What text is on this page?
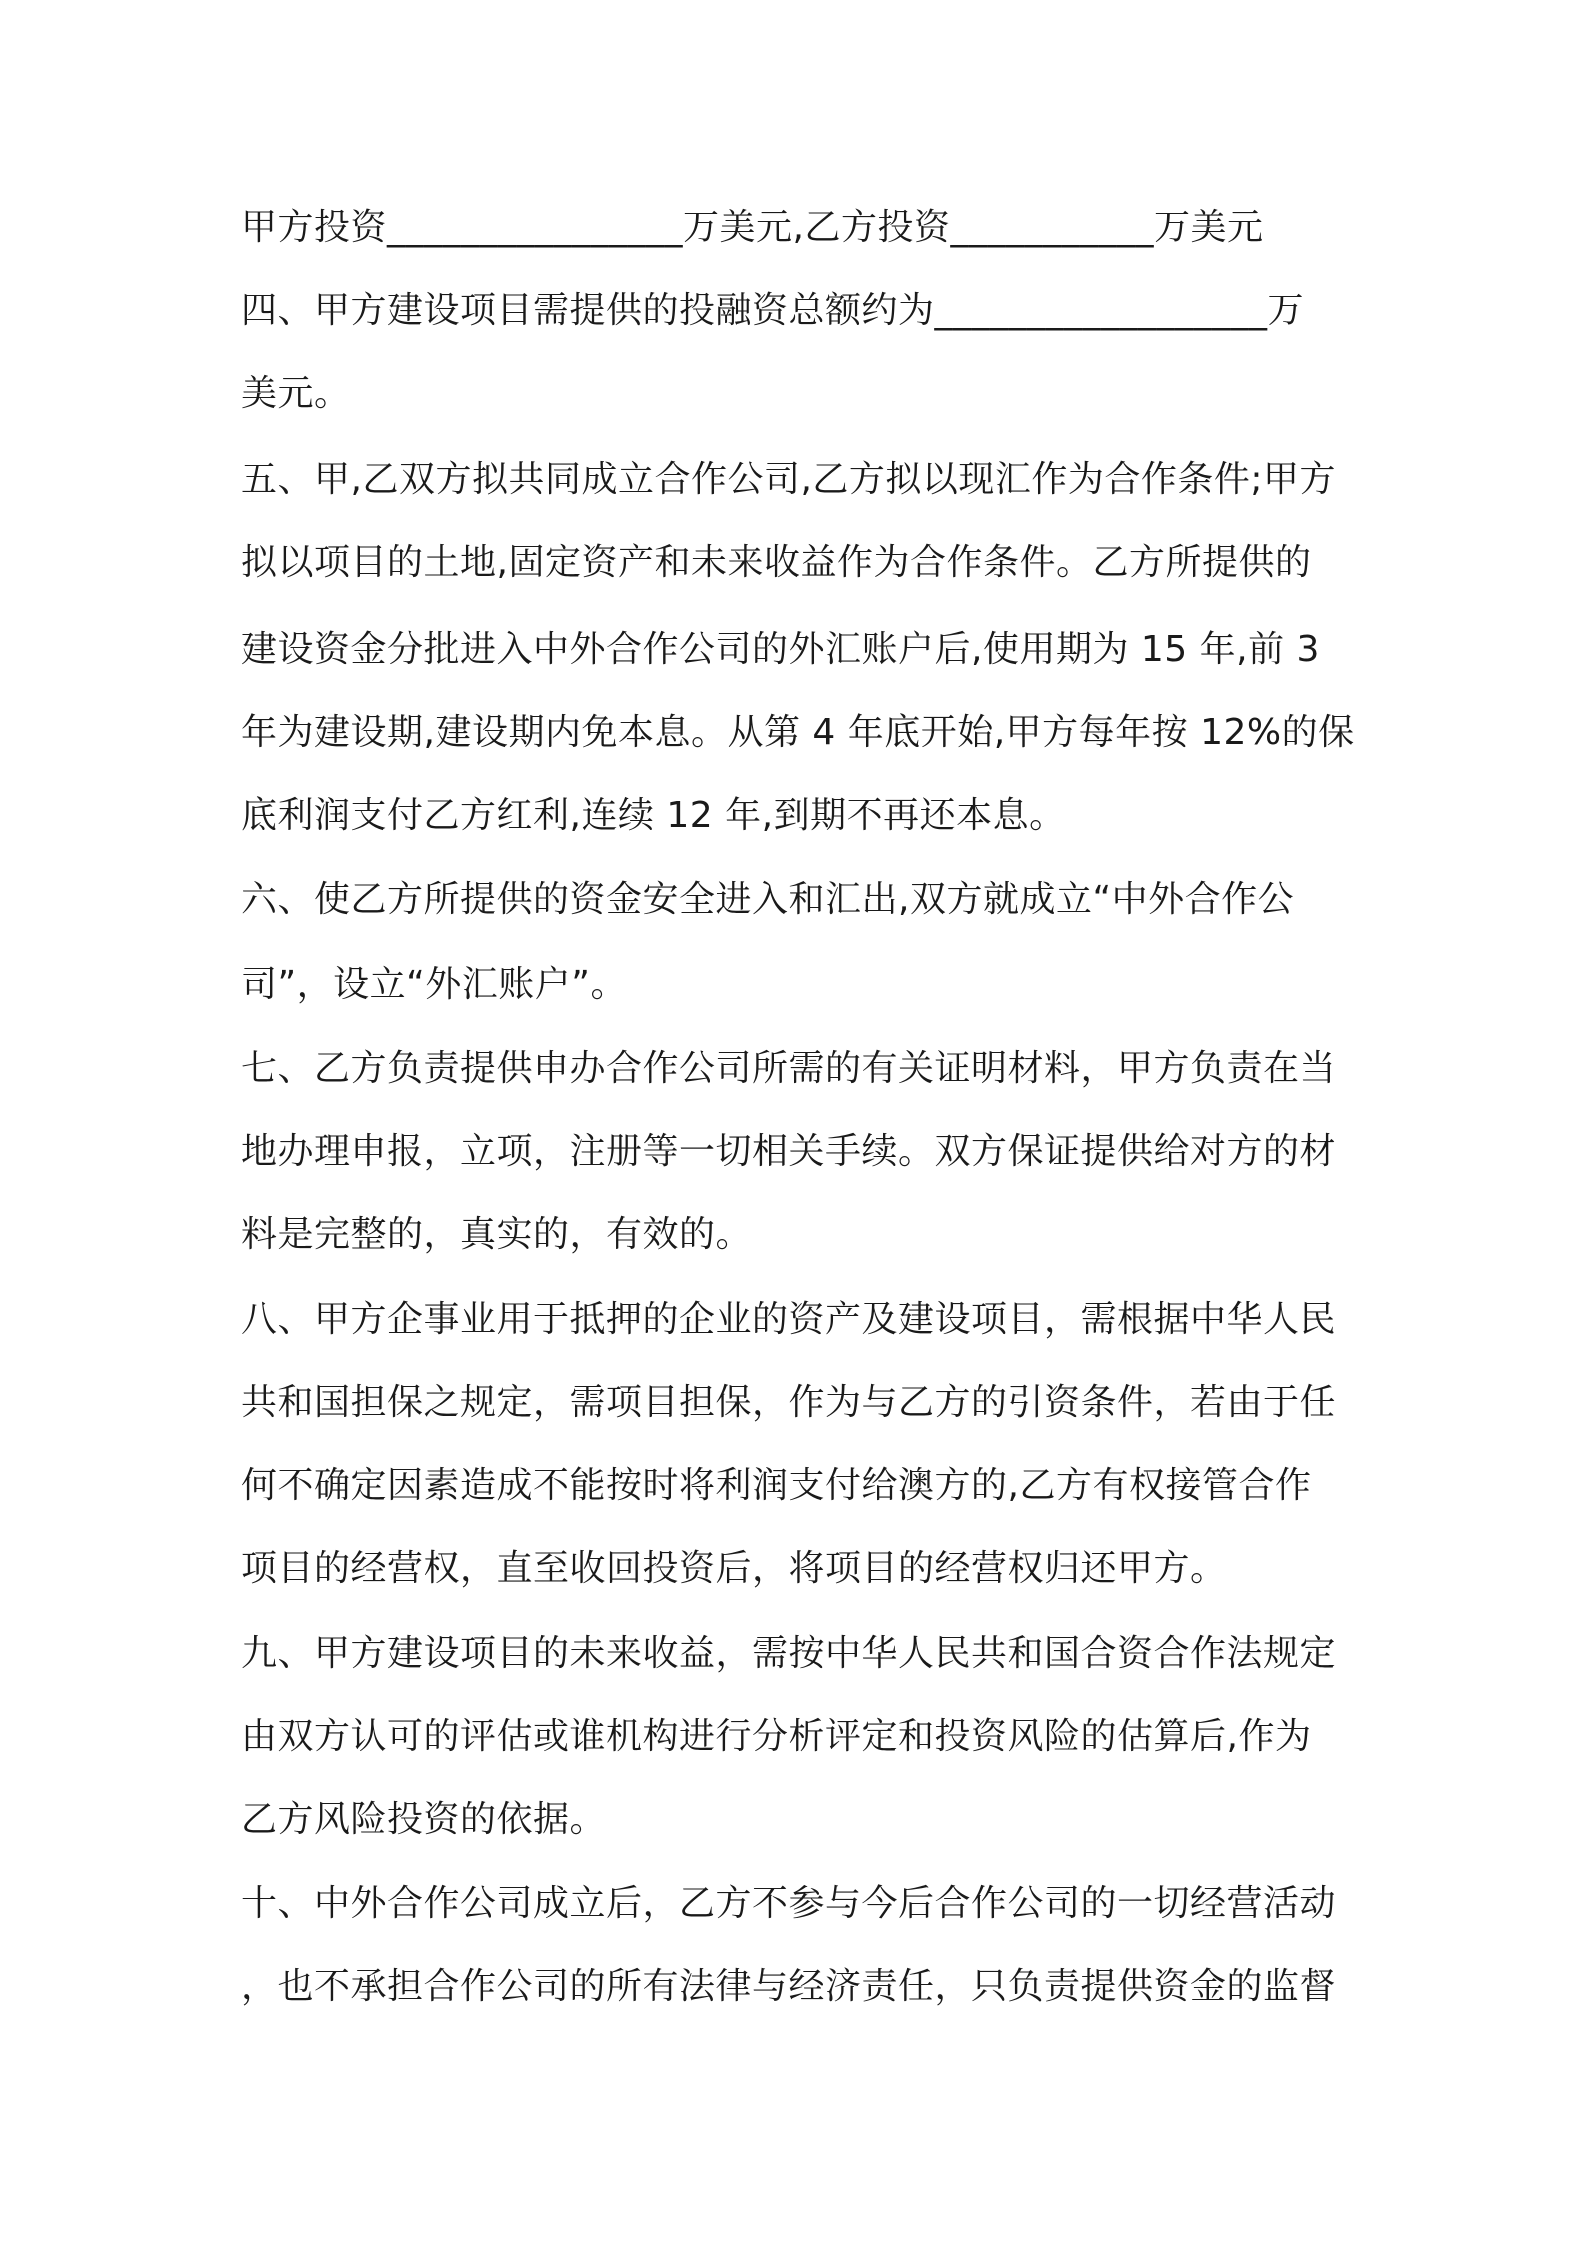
甲方投资________________万美元,乙方投资___________万美元
四、甲方建设项目需提供的投融资总额约为__________________万
美元。
五、甲,乙双方拟共同成立合作公司,乙方拟以现汇作为合作条件;甲方
拟以项目的土地,固定资产和未来收益作为合作条件。乙方所提供的
建设资金分批进入中外合作公司的外汇账户后,使用期为 15 年,前 3
年为建设期,建设期内免本息。从第 4 年底开始,甲方每年按 12%的保
底利润支付乙方红利,连续 12 年,到期不再还本息。
六、使乙方所提供的资金安全进入和汇出,双方就成立“中外合作公
司”，设立“外汇账户”。
七、乙方负责提供申办合作公司所需的有关证明材料，甲方负责在当
地办理申报，立项，注册等一切相关手续。双方保证提供给对方的材
料是完整的，真实的，有效的。
八、甲方企事业用于抵押的企业的资产及建设项目，需根据中华人民
共和国担保之规定，需项目担保，作为与乙方的引资条件，若由于任
何不确定因素造成不能按时将利润支付给澳方的,乙方有权接管合作
项目的经营权，直至收回投资后，将项目的经营权归还甲方。
九、甲方建设项目的未来收益，需按中华人民共和国合资合作法规定
由双方认可的评估或谁机构进行分析评定和投资风险的估算后,作为
乙方风险投资的依据。
十、中外合作公司成立后，乙方不参与今后合作公司的一切经营活动
，也不承担合作公司的所有法律与经济责任，只负责提供资金的监督
